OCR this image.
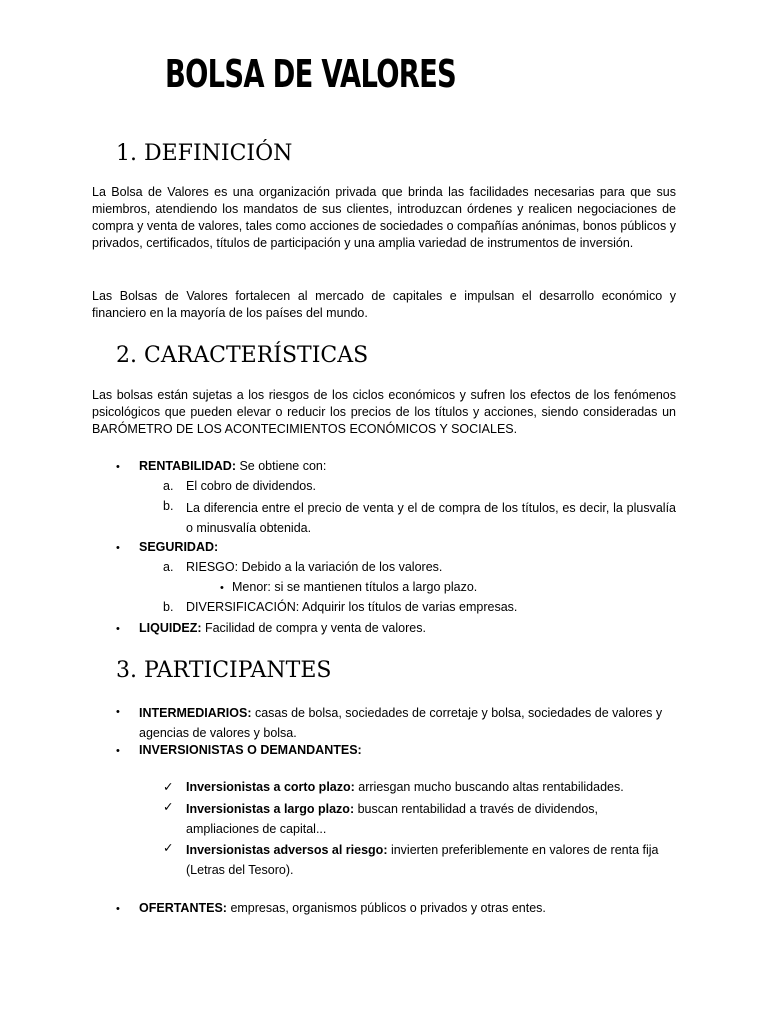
BOLSA DE VALORES
1. DEFINICIÓN
La Bolsa de Valores es una organización privada que brinda las facilidades necesarias para que sus miembros, atendiendo los mandatos de sus clientes, introduzcan órdenes y realicen negociaciones de compra y venta de valores, tales como acciones de sociedades o compañías anónimas, bonos públicos y privados, certificados, títulos de participación y una amplia variedad de instrumentos de inversión.
Las Bolsas de Valores fortalecen al mercado de capitales e impulsan el desarrollo económico y financiero en la mayoría de los países del mundo.
2. CARACTERÍSTICAS
Las bolsas están sujetas a los riesgos de los ciclos económicos y sufren los efectos de los fenómenos psicológicos que pueden elevar o reducir los precios de los títulos y acciones, siendo consideradas un BARÓMETRO DE LOS ACONTECIMIENTOS ECONÓMICOS Y SOCIALES.
• RENTABILIDAD: Se obtiene con:
a. El cobro de dividendos.
b. La diferencia entre el precio de venta y el de compra de los títulos, es decir, la plusvalía o minusvalía obtenida.
• SEGURIDAD:
a. RIESGO: Debido a la variación de los valores.
• Menor: si se mantienen títulos a largo plazo.
b. DIVERSIFICACIÓN: Adquirir los títulos de varias empresas.
• LIQUIDEZ: Facilidad de compra y venta de valores.
3. PARTICIPANTES
• INTERMEDIARIOS: casas de bolsa, sociedades de corretaje y bolsa, sociedades de valores y agencias de valores y bolsa.
• INVERSIONISTAS O DEMANDANTES:
✓ Inversionistas a corto plazo: arriesgan mucho buscando altas rentabilidades.
✓ Inversionistas a largo plazo: buscan rentabilidad a través de dividendos, ampliaciones de capital...
✓ Inversionistas adversos al riesgo: invierten preferiblemente en valores de renta fija (Letras del Tesoro).
• OFERTANTES: empresas, organismos públicos o privados y otras entes.
